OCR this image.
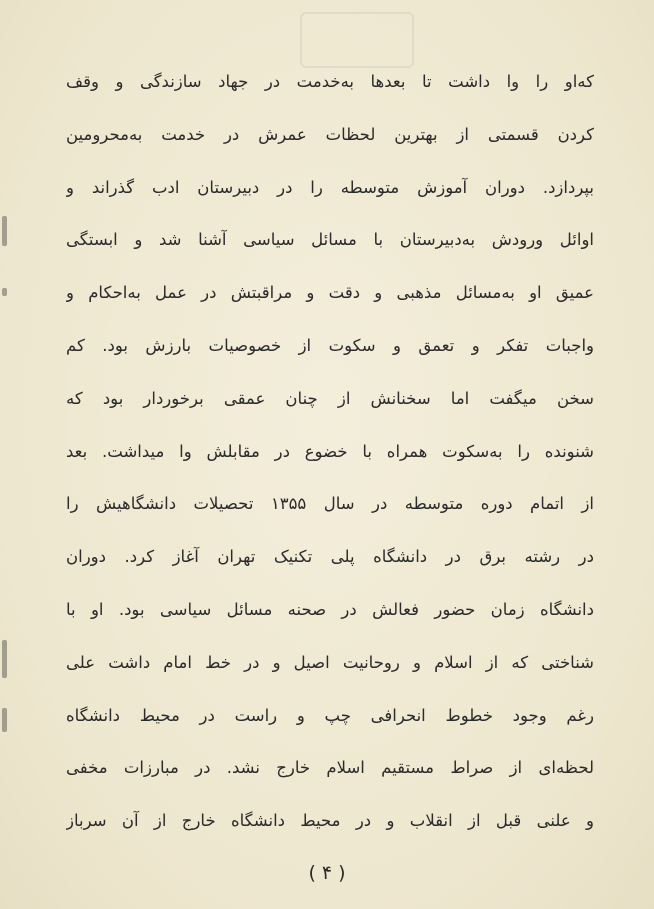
که‌او را وا داشت تا بعدها به‌خدمت در جهاد سازندگی و وقف
کردن قسمتی از بهترین لحظات عمرش در خدمت به‌محرومین
بپردازد. دوران آموزش متوسطه را در دبیرستان ادب گذراند و
اوائل ورودش به‌دبیرستان با مسائل سیاسی آشنا شد و ابستگی
عمیق او به‌مسائل مذهبی و دقت و مراقبتش در عمل به‌احکام و
واجبات تفکر و تعمق و سکوت از خصوصیات بارزش بود. کم
سخن میگفت اما سخنانش از چنان عمقی برخوردار بود که
شنونده را به‌سکوت همراه با خضوع در مقابلش وا میداشت. بعد
از اتمام دوره متوسطه در سال ۱۳۵۵ تحصیلات دانشگاهیش را
در رشته برق در دانشگاه پلی تکنیک تهران آغاز کرد. دوران
دانشگاه زمان حضور فعالش در صحنه مسائل سیاسی بود. او با
شناختی که از اسلام و روحانیت اصیل و در خط امام داشت علی
رغم وجود خطوط انحرافی چپ و راست در محیط دانشگاه
لحظه‌ای از صراط مستقیم اسلام خارج نشد. در مبارزات مخفی
و علنی قبل از انقلاب و در محیط دانشگاه خارج از آن سرباز
( ۴ )
